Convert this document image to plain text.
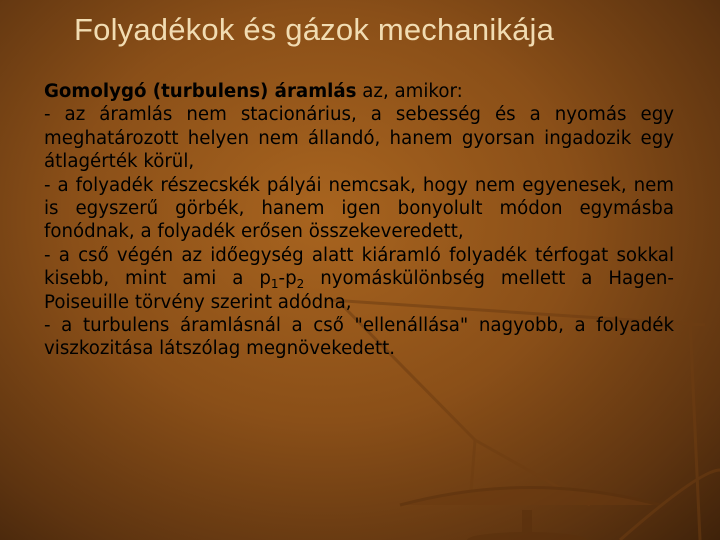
Folyadékok és gázok mechanikája

Gomolygó (turbulens) áramlás az, amikor:

- az áramlás nem stacionárius, a sebesség és a nyomás egy meghatározott helyen nem állandó, hanem gyorsan ingadozik egy átlagérték körül,

- a folyadék részecskék pályái nemcsak, hogy nem egyenesek, nem is egyszerű görbék, hanem igen bonyolult módon egymásba fonódnak, a folyadék erősen összekeveredett,

- a cső végén az időegység alatt kiáramló folyadék térfogat sokkal kisebb, mint ami a $p_1-p_2$ nyomáskülönbség mellett a Hagen-Poiseuille törvény szerint adódna,

- a turbulens áramlásnál a cső "ellenállása" nagyobb, a folyadék viszkozitása látszólag megnövekedett.
